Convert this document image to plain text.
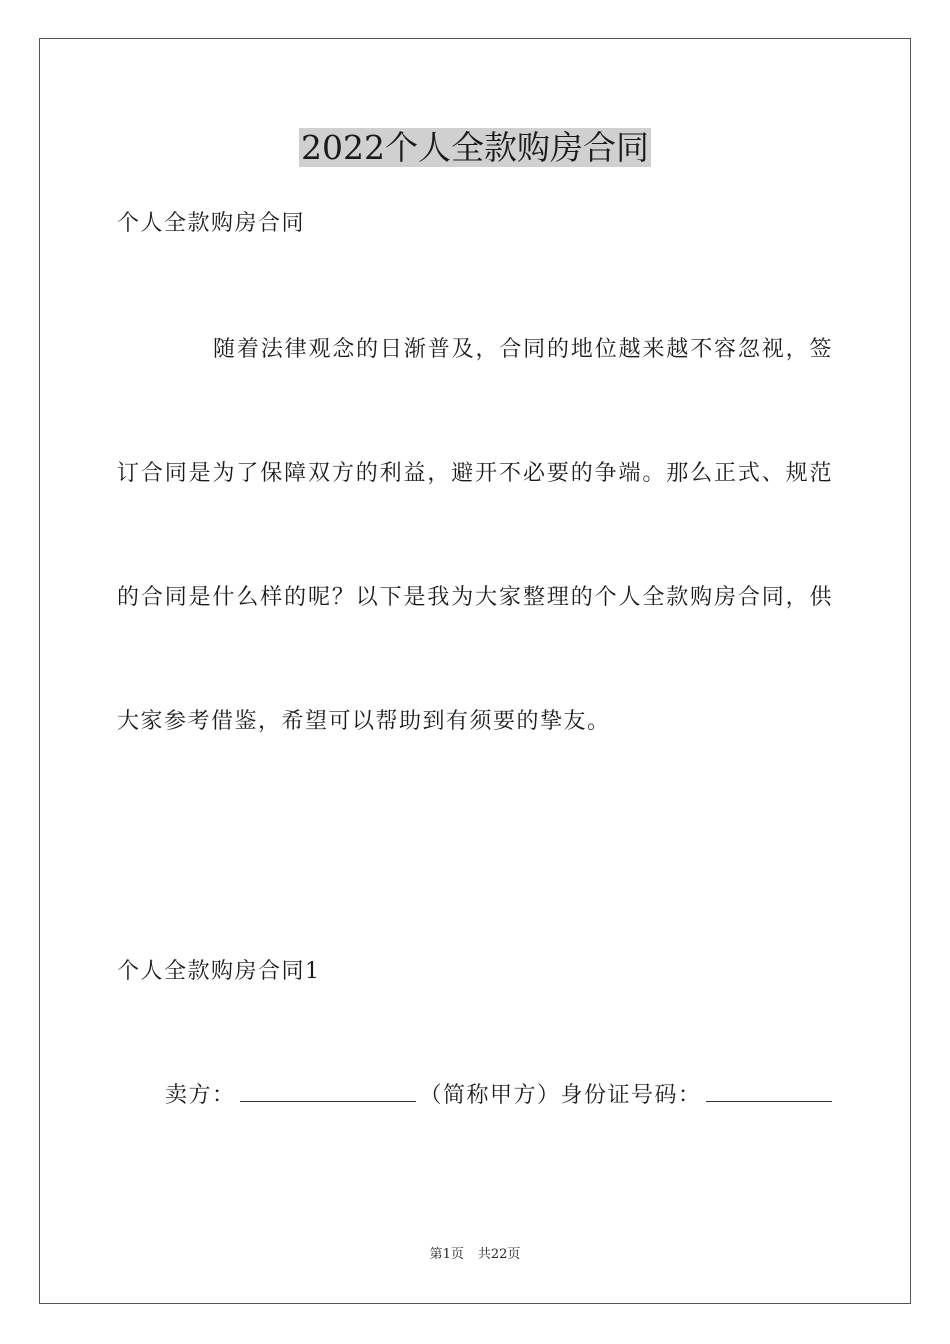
2022个人全款购房合同
个人全款购房合同
随着法律观念的日渐普及，合同的地位越来越不容忽视，签
订合同是为了保障双方的利益，避开不必要的争端。那么正式、规范
的合同是什么样的呢？以下是我为大家整理的个人全款购房合同，供
大家参考借鉴，希望可以帮助到有须要的挚友。
个人全款购房合同1
卖方：	（简称甲方）身份证号码：
第1页 共22页
